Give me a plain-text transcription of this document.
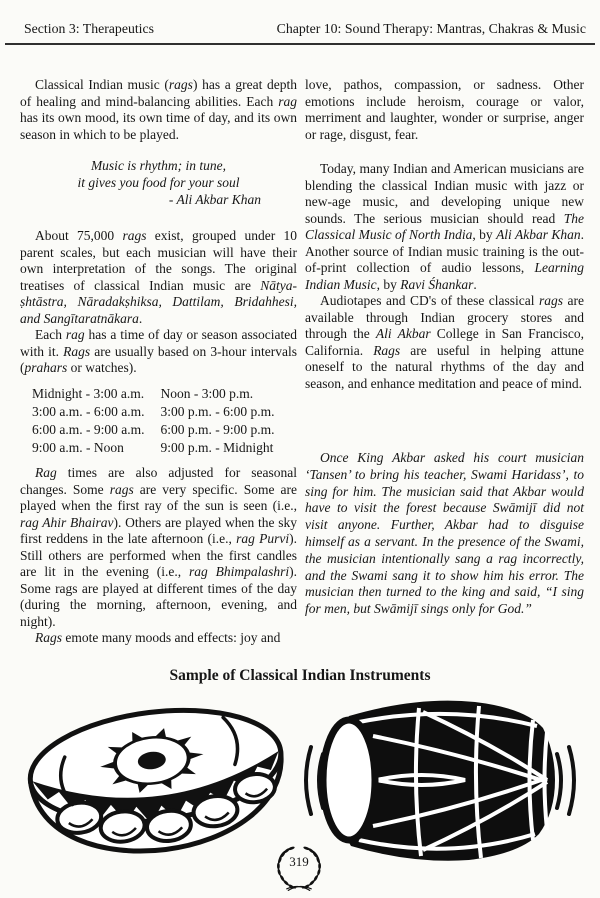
Section 3: Therapeutics	Chapter 10: Sound Therapy: Mantras, Chakras & Music

Classical Indian music (rags) has a great depth of healing and mind-balancing abilities. Each rag has its own mood, its own time of day, and its own season in which to be played.

Music is rhythm; in tune,
it gives you food for your soul
- Ali Akbar Khan

About 75,000 rags exist, grouped under 10 parent scales, but each musician will have their own interpretation of the songs. The original treatises of classical Indian music are Nātya-ṣhtāstra, Nāradakṣhiksa, Dattilam, Bridahhesi, and Sangītaratnākara.

Each rag has a time of day or season associated with it. Rags are usually based on 3-hour intervals (prahars or watches).

Midnight - 3:00 a.m.
3:00 a.m. - 6:00 a.m.
6:00 a.m. - 9:00 a.m.
9:00 a.m. - Noon
Noon - 3:00 p.m.
3:00 p.m. - 6:00 p.m.
6:00 p.m. - 9:00 p.m.
9:00 p.m. - Midnight

Rag times are also adjusted for seasonal changes. Some rags are very specific. Some are played when the first ray of the sun is seen (i.e., rag Ahir Bhairav). Others are played when the sky first reddens in the late afternoon (i.e., rag Purvi). Still others are performed when the first candles are lit in the evening (i.e., rag Bhimpalashri). Some rags are played at different times of the day (during the morning, afternoon, evening, and night).

Rags emote many moods and effects: joy and

love, pathos, compassion, or sadness. Other emotions include heroism, courage or valor, merriment and laughter, wonder or surprise, anger or rage, disgust, fear.

Today, many Indian and American musicians are blending the classical Indian music with jazz or new-age music, and developing unique new sounds. The serious musician should read The Classical Music of North India, by Ali Akbar Khan. Another source of Indian music training is the out-of-print collection of audio lessons, Learning Indian Music, by Ravi Śhankar.

Audiotapes and CD's of these classical rags are available through Indian grocery stores and through the Ali Akbar College in San Francisco, California. Rags are useful in helping attune oneself to the natural rhythms of the day and season, and enhance meditation and peace of mind.

Once King Akbar asked his court musician ‘Tansen’ to bring his teacher, Swami Haridass’, to sing for him. The musician said that Akbar would have to visit the forest because Swāmijī did not visit anyone. Further, Akbar had to disguise himself as a servant. In the presence of the Swami, the musician intentionally sang a rag incorrectly, and the Swami sang it to show him his error. The musician then turned to the king and said, “I sing for men, but Swāmijī sings only for God.”

Sample of Classical Indian Instruments
319
